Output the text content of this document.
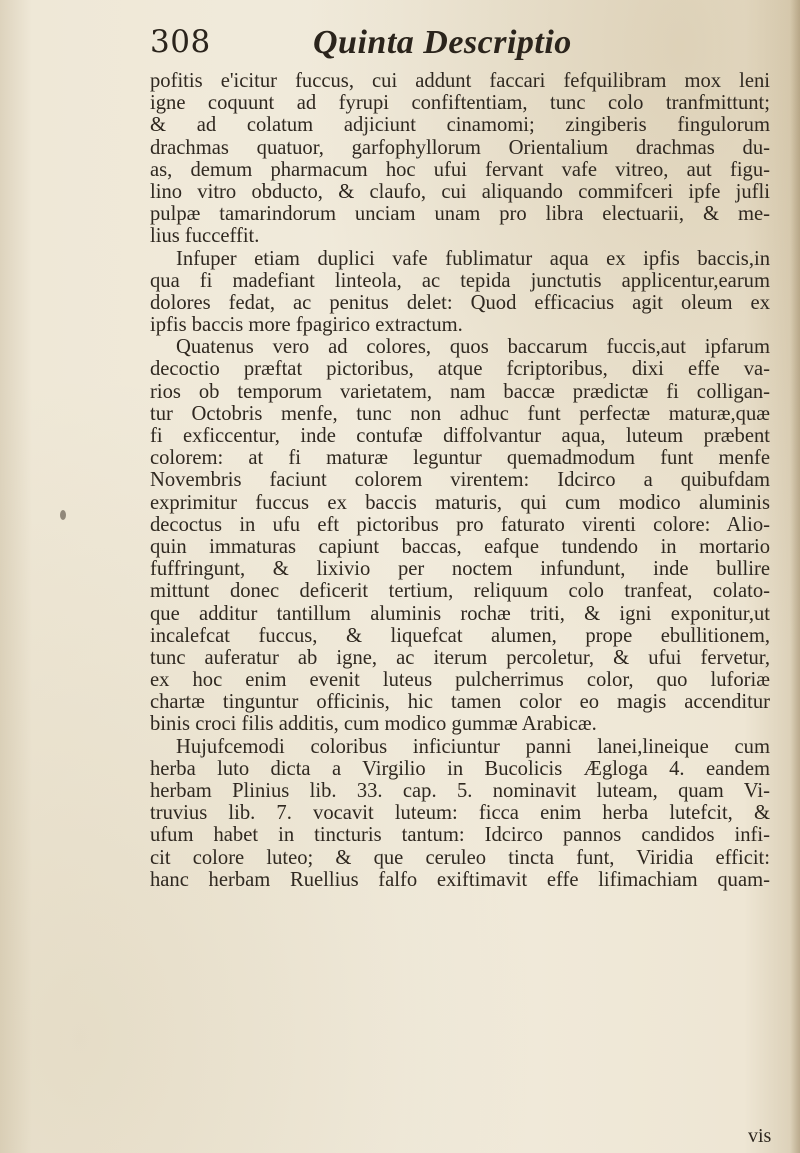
308	Quinta Descriptio
pofitis e'icitur fuccus, cui addunt faccari fefquilibram mox leni
igne coquunt ad fyrupi confiftentiam, tunc colo tranfmittunt;
& ad colatum adjiciunt cinamomi; zingiberis fingulorum
drachmas quatuor, garfophyllorum Orientalium drachmas du-
as, demum pharmacum hoc ufui fervant vafe vitreo, aut figu-
lino vitro obducto, & claufo, cui aliquando commifceri ipfe jufli
pulpæ tamarindorum unciam unam pro libra electuarii, & me-
lius fucceffit.
Infuper etiam duplici vafe fublimatur aqua ex ipfis baccis,in
qua fi madefiant linteola, ac tepida junctutis applicentur,earum
dolores fedat, ac penitus delet: Quod efficacius agit oleum ex
ipfis baccis more fpagirico extractum.
Quatenus vero ad colores, quos baccarum fuccis,aut ipfarum
decoctio præftat pictoribus, atque fcriptoribus, dixi effe va-
rios ob temporum varietatem, nam baccæ prædictæ fi colligan-
tur Octobris menfe, tunc non adhuc funt perfectæ maturæ,quæ
fi exficcentur, inde contufæ diffolvantur aqua, luteum præbent
colorem: at fi maturæ leguntur quemadmodum funt menfe
Novembris faciunt colorem virentem: Idcirco a quibufdam
exprimitur fuccus ex baccis maturis, qui cum modico aluminis
decoctus in ufu eft pictoribus pro faturato virenti colore: Alio-
quin immaturas capiunt baccas, eafque tundendo in mortario
fuffringunt, & lixivio per noctem infundunt, inde bullire
mittunt donec deficerit tertium, reliquum colo tranfeat, colato-
que additur tantillum aluminis rochæ triti, & igni exponitur,ut
incalefcat fuccus, & liquefcat alumen, prope ebullitionem,
tunc auferatur ab igne, ac iterum percoletur, & ufui fervetur,
ex hoc enim evenit luteus pulcherrimus color, quo luforiæ
chartæ tinguntur officinis, hic tamen color eo magis accenditur
binis croci filis additis, cum modico gummæ Arabicæ.
Hujufcemodi coloribus inficiuntur panni lanei,lineique cum
herba luto dicta a Virgilio in Bucolicis Ægloga 4. eandem
herbam Plinius lib. 33. cap. 5. nominavit luteam, quam Vi-
truvius lib. 7. vocavit luteum: ficca enim herba lutefcit, &
ufum habet in tincturis tantum: Idcirco pannos candidos infi-
cit colore luteo; & que ceruleo tincta funt, Viridia efficit:
hanc herbam Ruellius falfo exiftimavit effe lifimachiam quam-
vis
